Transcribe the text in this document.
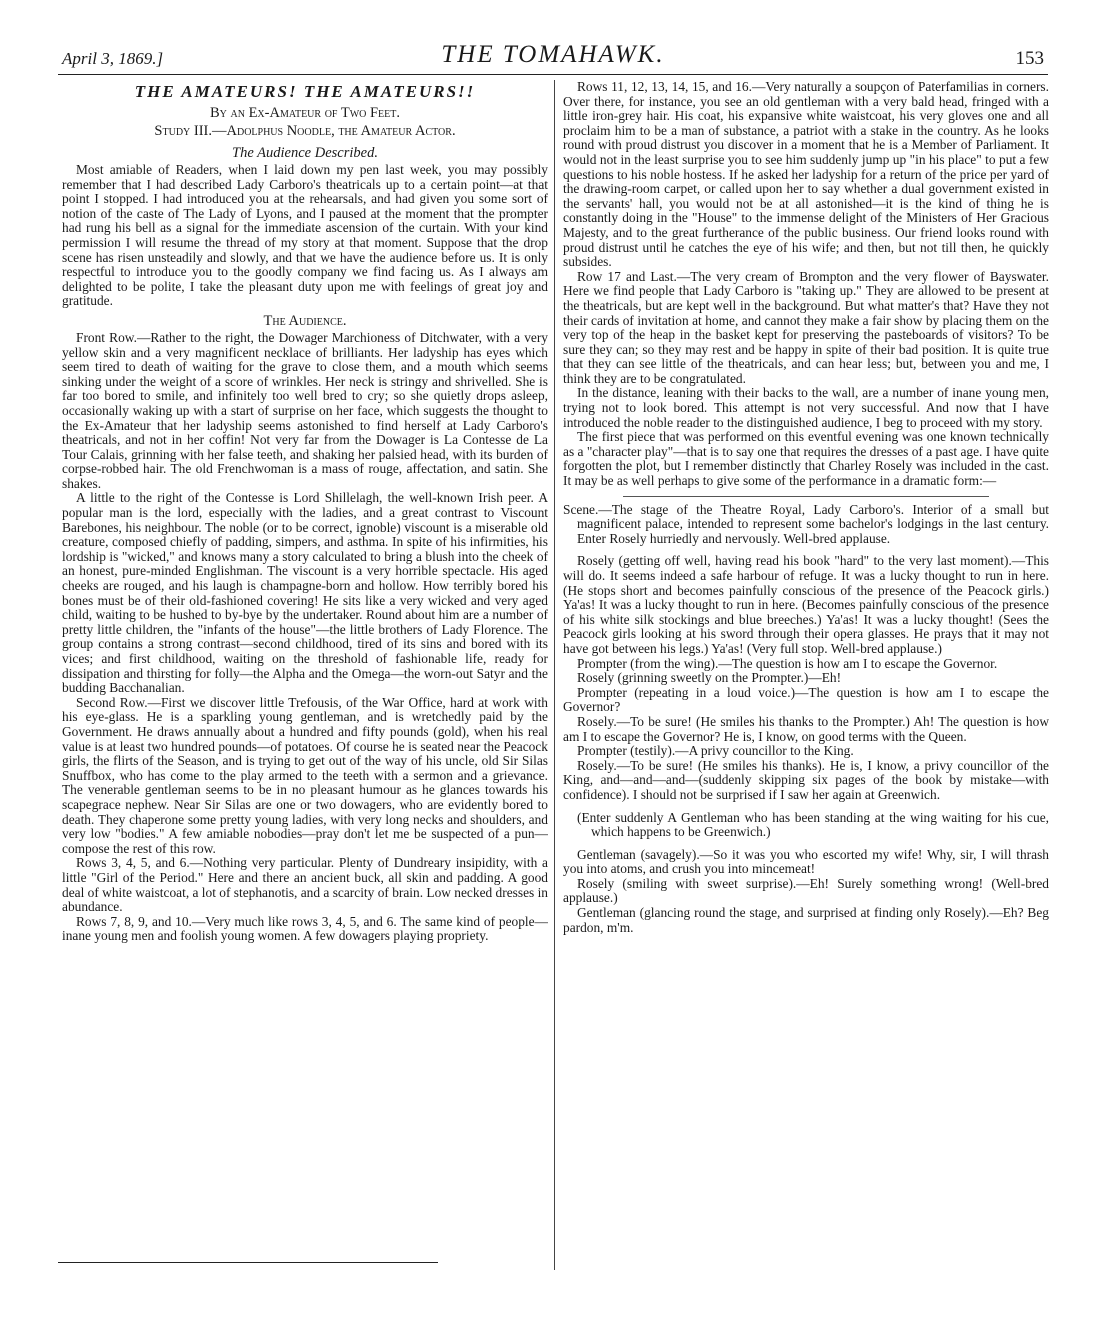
April 3, 1869.]	THE TOMAHAWK.	153
THE AMATEURS! THE AMATEURS!!
By an Ex-Amateur of Two Feet.
Study III.—Adolphus Noodle, the Amateur Actor.
The Audience Described.

Most amiable of Readers, when I laid down my pen last week, you may possibly remember that I had described Lady Carboro's theatricals up to a certain point—at that point I stopped. I had introduced you at the rehearsals, and had given you some sort of notion of the caste of The Lady of Lyons, and I paused at the moment that the prompter had rung his bell as a signal for the immediate ascension of the curtain. With your kind permission I will resume the thread of my story at that moment. Suppose that the drop scene has risen unsteadily and slowly, and that we have the audience before us. It is only respectful to introduce you to the goodly company we find facing us. As I always am delighted to be polite, I take the pleasant duty upon me with feelings of great joy and gratitude.

The Audience.

Front Row.—Rather to the right, the Dowager Marchioness of Ditchwater, with a very yellow skin and a very magnificent necklace of brilliants. Her ladyship has eyes which seem tired to death of waiting for the grave to close them, and a mouth which seems sinking under the weight of a score of wrinkles. Her neck is stringy and shrivelled. She is far too bored to smile, and infinitely too well bred to cry; so she quietly drops asleep, occasionally waking up with a start of surprise on her face, which suggests the thought to the Ex-Amateur that her ladyship seems astonished to find herself at Lady Carboro's theatricals, and not in her coffin! Not very far from the Dowager is La Contesse de La Tour Calais, grinning with her false teeth, and shaking her palsied head, with its burden of corpse-robbed hair. The old Frenchwoman is a mass of rouge, affectation, and satin. She shakes.

A little to the right of the Contesse is Lord Shillelagh, the well-known Irish peer. A popular man is the lord, especially with the ladies, and a great contrast to Viscount Barebones, his neighbour. The noble (or to be correct, ignoble) viscount is a miserable old creature, composed chiefly of padding, simpers, and asthma. In spite of his infirmities, his lordship is "wicked," and knows many a story calculated to bring a blush into the cheek of an honest, pure-minded Englishman. The viscount is a very horrible spectacle. His aged cheeks are rouged, and his laugh is champagne-born and hollow. How terribly bored his bones must be of their old-fashioned covering! He sits like a very wicked and very aged child, waiting to be hushed to by-bye by the undertaker. Round about him are a number of pretty little children, the "infants of the house"—the little brothers of Lady Florence. The group contains a strong contrast—second childhood, tired of its sins and bored with its vices; and first childhood, waiting on the threshold of fashionable life, ready for dissipation and thirsting for folly—the Alpha and the Omega—the worn-out Satyr and the budding Bacchanalian.

Second Row.—First we discover little Trefousis, of the War Office, hard at work with his eye-glass. He is a sparkling young gentleman, and is wretchedly paid by the Government. He draws annually about a hundred and fifty pounds (gold), when his real value is at least two hundred pounds—of potatoes. Of course he is seated near the Peacock girls, the flirts of the Season, and is trying to get out of the way of his uncle, old Sir Silas Snuffbox, who has come to the play armed to the teeth with a sermon and a grievance. The venerable gentleman seems to be in no pleasant humour as he glances towards his scapegrace nephew. Near Sir Silas are one or two dowagers, who are evidently bored to death. They chaperone some pretty young ladies, with very long necks and shoulders, and very low "bodies." A few amiable nobodies—pray don't let me be suspected of a pun—compose the rest of this row.

Rows 3, 4, 5, and 6.—Nothing very particular. Plenty of Dundreary insipidity, with a little "Girl of the Period." Here and there an ancient buck, all skin and padding. A good deal of white waistcoat, a lot of stephanotis, and a scarcity of brain. Low necked dresses in abundance.

Rows 7, 8, 9, and 10.—Very much like rows 3, 4, 5, and 6. The same kind of people—inane young men and foolish young women. A few dowagers playing propriety.

Rows 11, 12, 13, 14, 15, and 16.—Very naturally a soupçon of Paterfamilias in corners. Over there, for instance, you see an old gentleman with a very bald head, fringed with a little iron-grey hair. His coat, his expansive white waistcoat, his very gloves one and all proclaim him to be a man of substance, a patriot with a stake in the country. As he looks round with proud distrust you discover in a moment that he is a Member of Parliament. It would not in the least surprise you to see him suddenly jump up "in his place" to put a few questions to his noble hostess. If he asked her ladyship for a return of the price per yard of the drawing-room carpet, or called upon her to say whether a dual government existed in the servants' hall, you would not be at all astonished—it is the kind of thing he is constantly doing in the "House" to the immense delight of the Ministers of Her Gracious Majesty, and to the great furtherance of the public business. Our friend looks round with proud distrust until he catches the eye of his wife; and then, but not till then, he quickly subsides.

Row 17 and Last.—The very cream of Brompton and the very flower of Bayswater. Here we find people that Lady Carboro is "taking up." They are allowed to be present at the theatricals, but are kept well in the background. But what matter's that? Have they not their cards of invitation at home, and cannot they make a fair show by placing them on the very top of the heap in the basket kept for preserving the pasteboards of visitors? To be sure they can; so they may rest and be happy in spite of their bad position. It is quite true that they can see little of the theatricals, and can hear less; but, between you and me, I think they are to be congratulated.

In the distance, leaning with their backs to the wall, are a number of inane young men, trying not to look bored. This attempt is not very successful. And now that I have introduced the noble reader to the distinguished audience, I beg to proceed with my story.

The first piece that was performed on this eventful evening was one known technically as a "character play"—that is to say one that requires the dresses of a past age. I have quite forgotten the plot, but I remember distinctly that Charley Rosely was included in the cast. It may be as well perhaps to give some of the performance in a dramatic form:—

Scene.—The stage of the Theatre Royal, Lady Carboro's. Interior of a small but magnificent palace, intended to represent some bachelor's lodgings in the last century. Enter Rosely hurriedly and nervously. Well-bred applause.

Rosely (getting off well, having read his book "hard" to the very last moment).—This will do. It seems indeed a safe harbour of refuge. It was a lucky thought to run in here. (He stops short and becomes painfully conscious of the presence of the Peacock girls.) Ya'as! It was a lucky thought to run in here. (Becomes painfully conscious of the presence of his white silk stockings and blue breeches.) Ya'as! It was a lucky thought! (Sees the Peacock girls looking at his sword through their opera glasses. He prays that it may not have got between his legs.) Ya'as! (Very full stop. Well-bred applause.)

Prompter (from the wing).—The question is how am I to escape the Governor.

Rosely (grinning sweetly on the Prompter.)—Eh!

Prompter (repeating in a loud voice.)—The question is how am I to escape the Governor?

Rosely.—To be sure! (He smiles his thanks to the Prompter.) Ah! The question is how am I to escape the Governor? He is, I know, on good terms with the Queen.

Prompter (testily).—A privy councillor to the King.

Rosely.—To be sure! (He smiles his thanks). He is, I know, a privy councillor of the King, and—and—and—(suddenly skipping six pages of the book by mistake—with confidence). I should not be surprised if I saw her again at Greenwich.

(Enter suddenly A Gentleman who has been standing at the wing waiting for his cue, which happens to be Greenwich.)

Gentleman (savagely).—So it was you who escorted my wife! Why, sir, I will thrash you into atoms, and crush you into mincemeat!

Rosely (smiling with sweet surprise).—Eh! Surely something wrong! (Well-bred applause.)

Gentleman (glancing round the stage, and surprised at finding only Rosely).—Eh? Beg pardon, m'm.
